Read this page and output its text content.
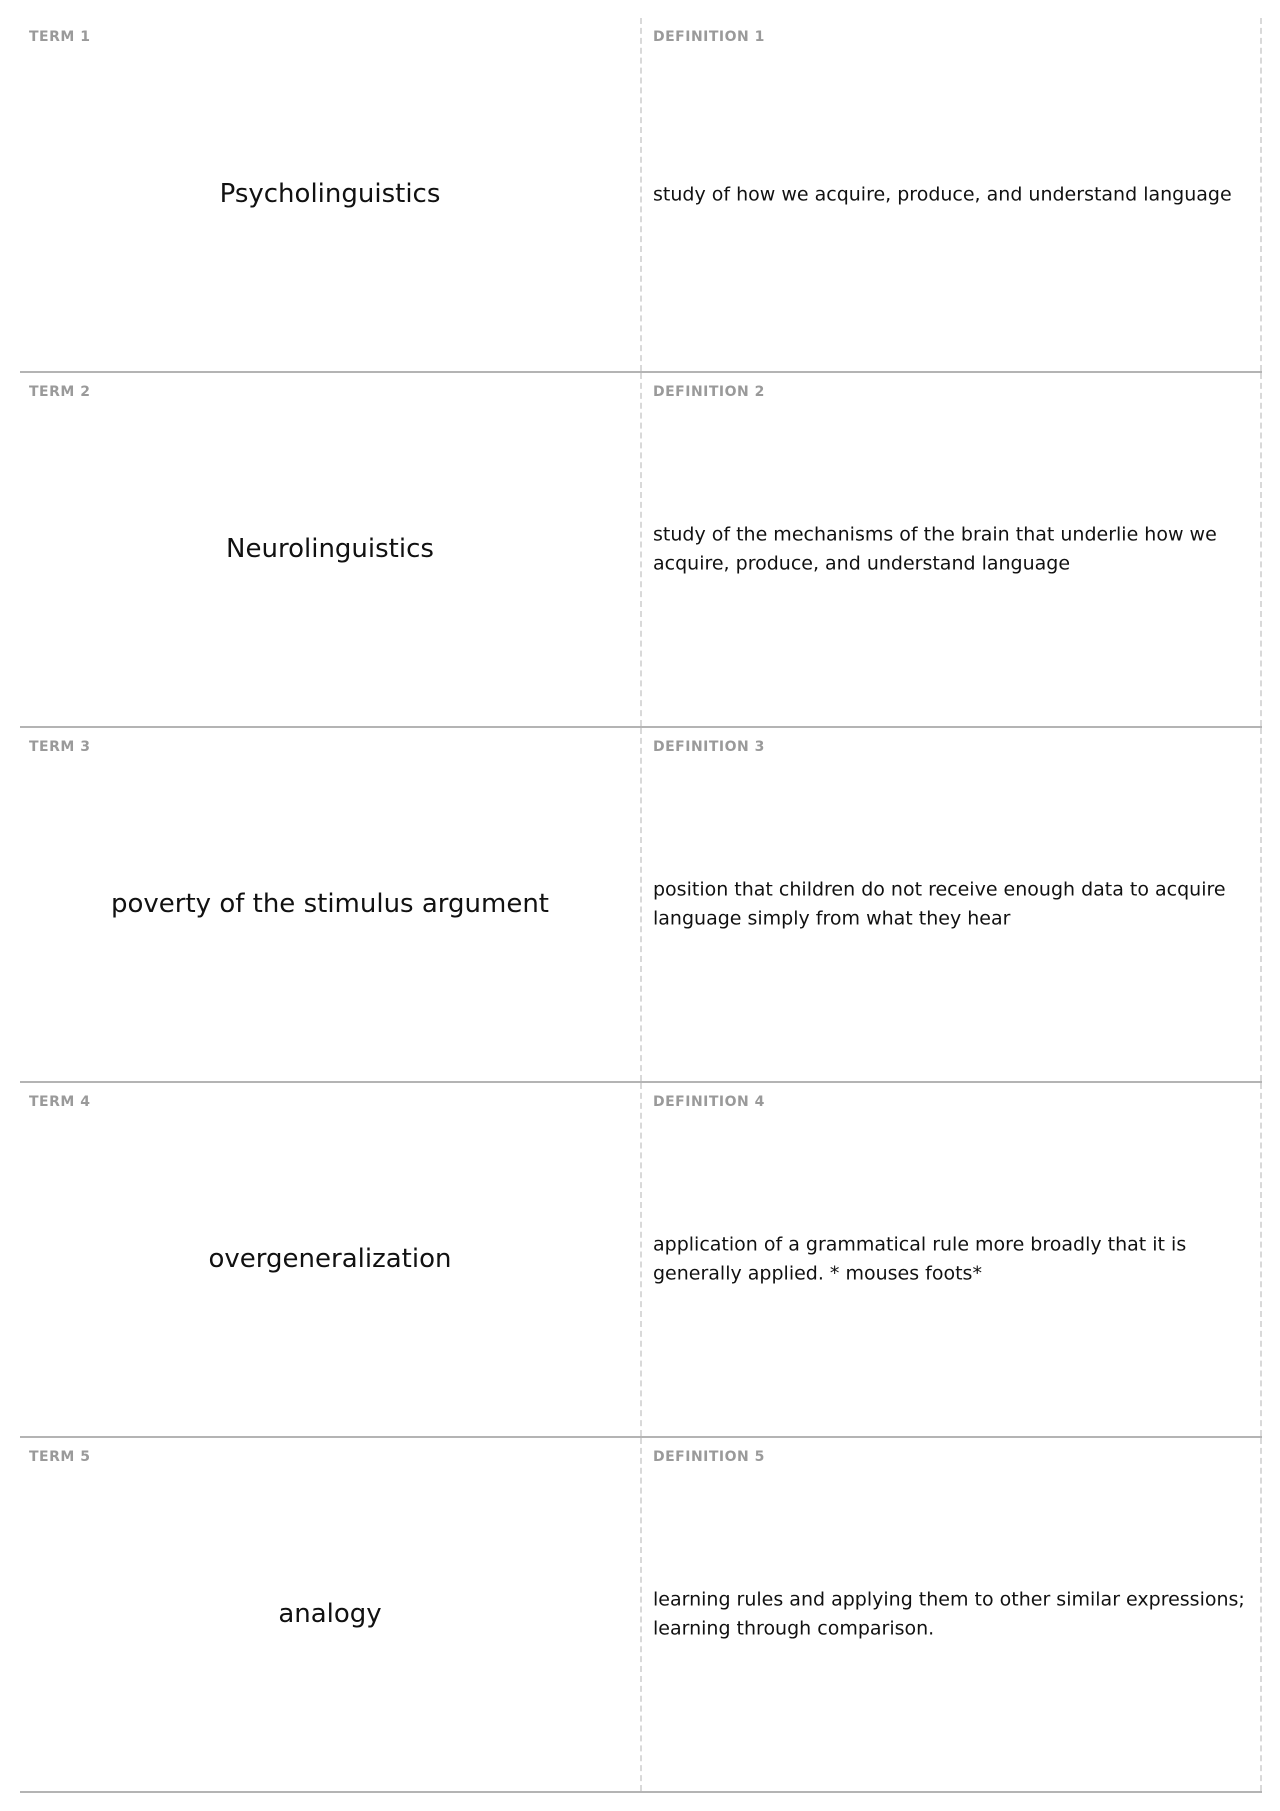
TERM 1
Psycholinguistics
DEFINITION 1
study of how we acquire, produce, and understand language
TERM 2
Neurolinguistics
DEFINITION 2
study of the mechanisms of the brain that underlie how we acquire, produce, and understand language
TERM 3
poverty of the stimulus argument
DEFINITION 3
position that children do not receive enough data to acquire language simply from what they hear
TERM 4
overgeneralization
DEFINITION 4
application of a grammatical rule more broadly that it is generally applied. * mouses foots*
TERM 5
analogy
DEFINITION 5
learning rules and applying them to other similar expressions; learning through comparison.
